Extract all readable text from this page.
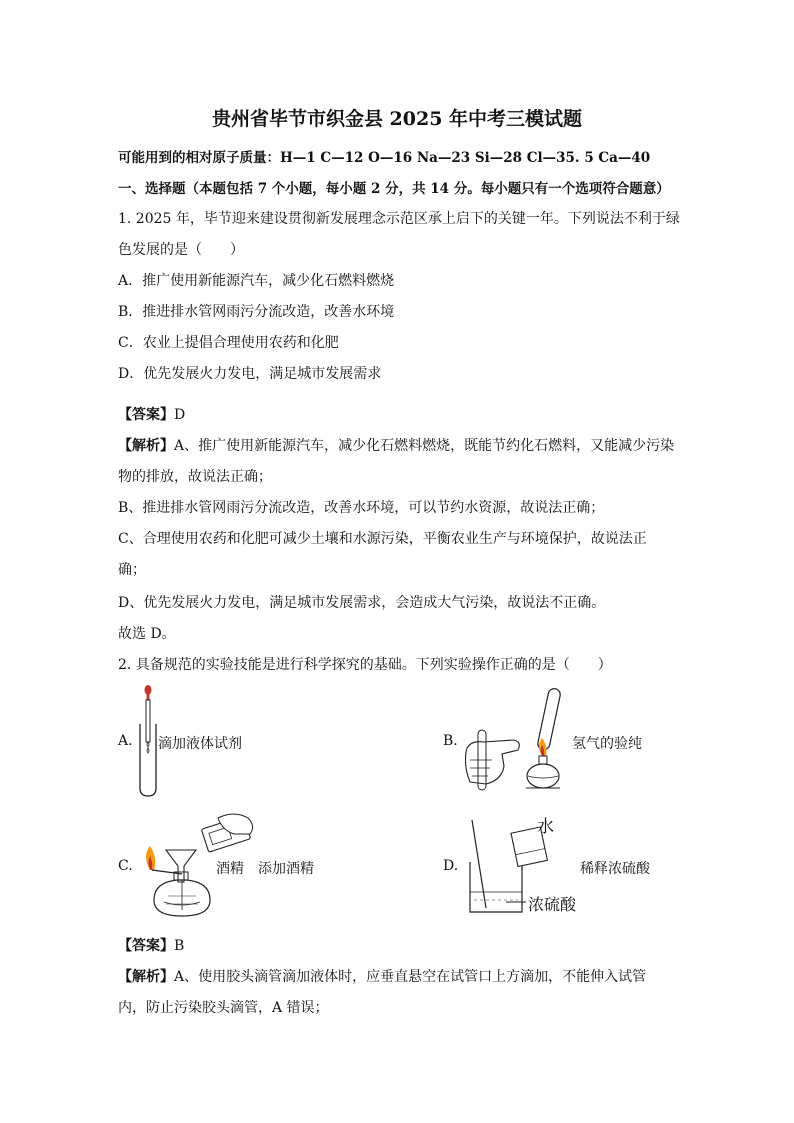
贵州省毕节市织金县 2025 年中考三模试题
可能用到的相对原子质量：H—1 C—12 O—16 Na—23 Si—28 Cl—35. 5 Ca—40
一、选择题（本题包括 7 个小题，每小题 2 分，共 14 分。每小题只有一个选项符合题意）
1. 2025 年，毕节迎来建设贯彻新发展理念示范区承上启下的关键一年。下列说法不利于绿
色发展的是（　　）
A．推广使用新能源汽车，减少化石燃料燃烧
B．推进排水管网雨污分流改造，改善水环境
C．农业上提倡合理使用农药和化肥
D．优先发展火力发电，满足城市发展需求
【答案】D
【解析】A、推广使用新能源汽车，减少化石燃料燃烧，既能节约化石燃料，又能减少污染
物的排放，故说法正确；
B、推进排水管网雨污分流改造，改善水环境，可以节约水资源，故说法正确；
C、合理使用农药和化肥可减少土壤和水源污染，平衡农业生产与环境保护，故说法正
确；
D、优先发展火力发电，满足城市发展需求，会造成大气污染，故说法不正确。
故选 D。
2. 具备规范的实验技能是进行科学探究的基础。下列实验操作正确的是（　　）
A. 滴加液体试剂	B.	氢气的验纯
C.	酒精 添加酒精	D.
水
稀释浓硫酸
浓硫酸
【答案】B
【解析】A、使用胶头滴管滴加液体时，应垂直悬空在试管口上方滴加，不能伸入试管
内，防止污染胶头滴管，A 错误；
